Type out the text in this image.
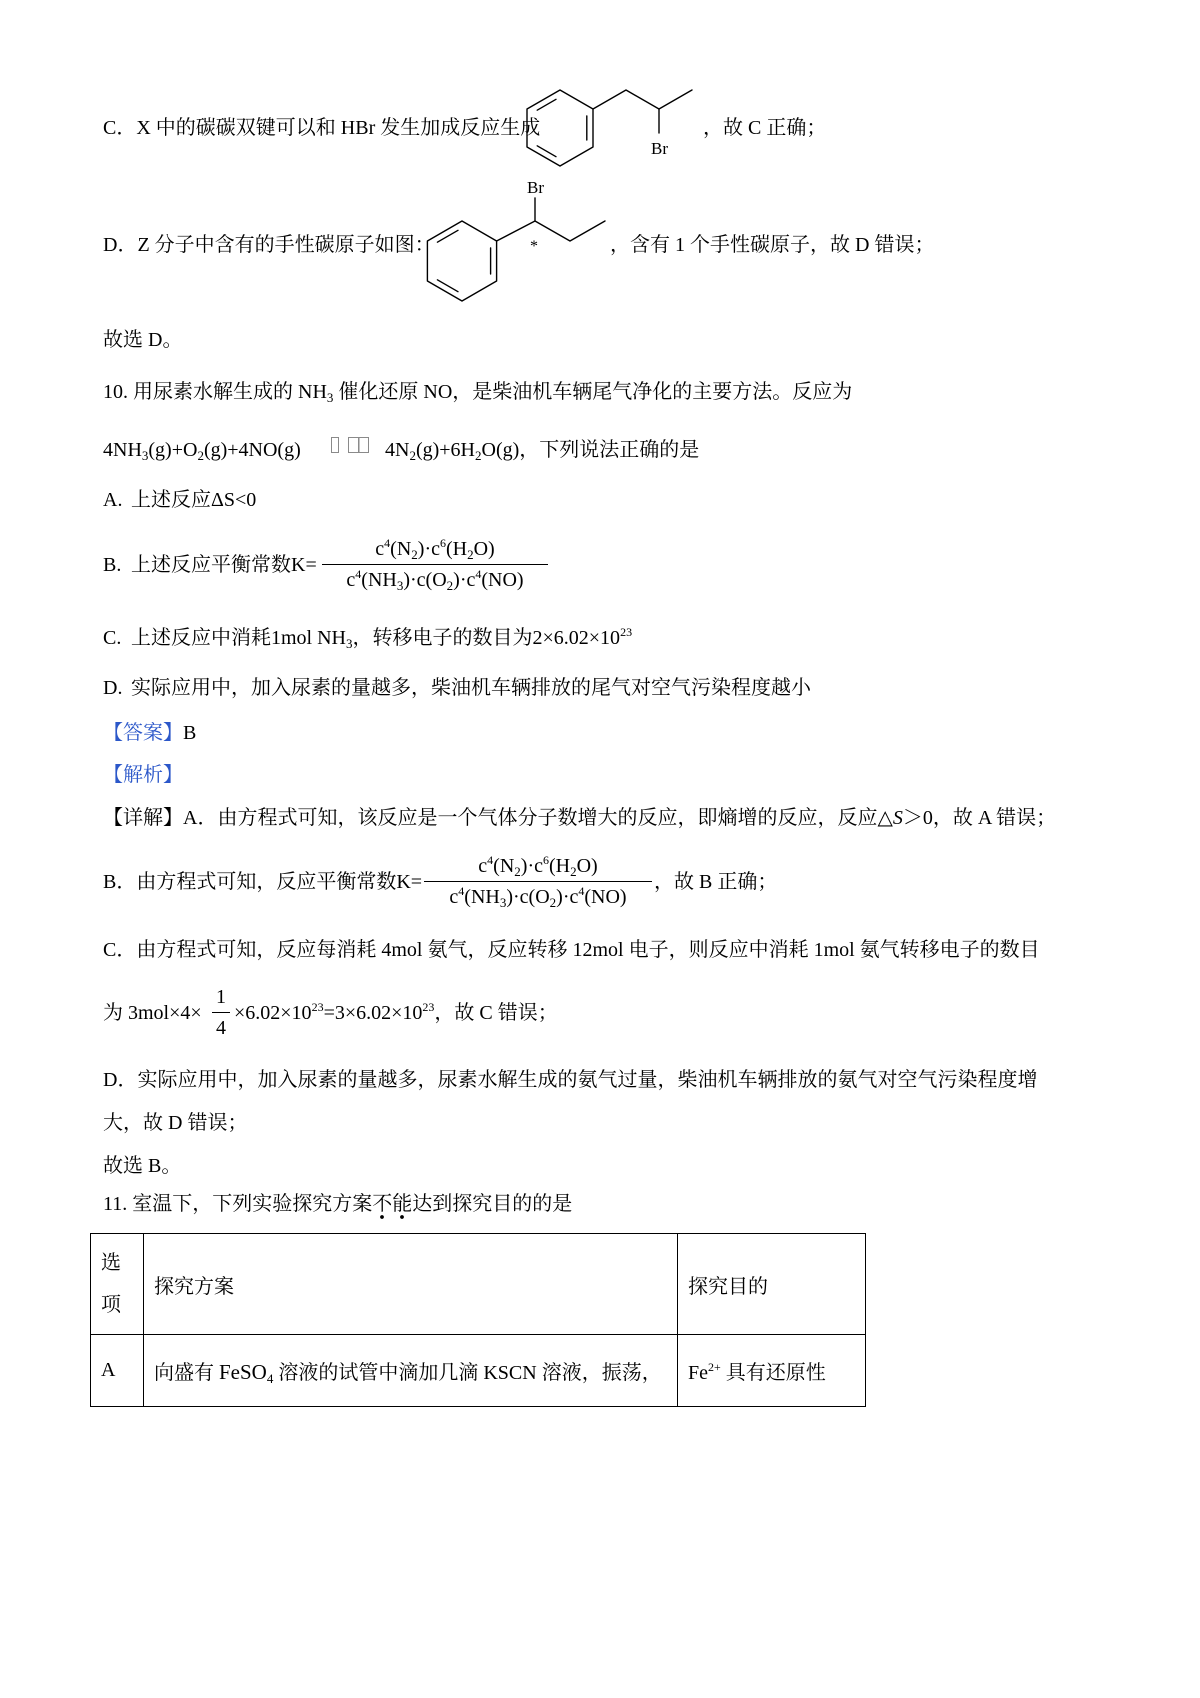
C．X 中的碳碳双键可以和 HBr 发生加成反应生成
Br
，故 C 正确；
D．Z 分子中含有的手性碳原子如图：
Br
*	，含有 1 个手性碳原子，故 D 错误；
故选 D。
10. 用尿素水解生成的 $NH_3$ 催化还原 NO，是柴油机车辆尾气净化的主要方法。反应为
$4NH_3(g)+O_2(g)+4NO(g)$	$4N_2(g)+6H_2O(g)$，下列说法正确的是
A. 上述反应ΔS<0
B. 上述反应平衡常数K=
$c^4(N_2)\cdot c^6(H_2O)$
$c^4(NH_3)\cdot c(O_2)\cdot c^4(NO)$
C. 上述反应中消耗1mol $NH_3$，转移电子的数目为$2\times 6.02\times 10^{23}$
D. 实际应用中，加入尿素的量越多，柴油机车辆排放的尾气对空气污染程度越小
【答案】B
【解析】
【详解】A．由方程式可知，该反应是一个气体分子数增大的反应，即熵增的反应，反应△S＞0，故 A 错误；
B．由方程式可知，反应平衡常数K=
$c^4(N_2)\cdot c^6(H_2O)$
$c^4(NH_3)\cdot c(O_2)\cdot c^4(NO)$
，故 B 正确；
C．由方程式可知，反应每消耗 4mol 氨气，反应转移 12mol 电子，则反应中消耗 1mol 氨气转移电子的数目
为 3mol×4×
1
4
$\times 6.02\times 10^{23}=3\times 6.02\times 10^{23}$，故 C 错误；
D．实际应用中，加入尿素的量越多，尿素水解生成的氨气过量，柴油机车辆排放的氨气对空气污染程度增
大，故 D 错误；
故选 B。
11. 室温下，下列实验探究方案不能达到探究目的的是
选项	探究方案	探究目的
A	向盛有 FeSO$_4$ 溶液的试管中滴加几滴 KSCN 溶液，振荡，	$Fe^{2+}$ 具有还原性
